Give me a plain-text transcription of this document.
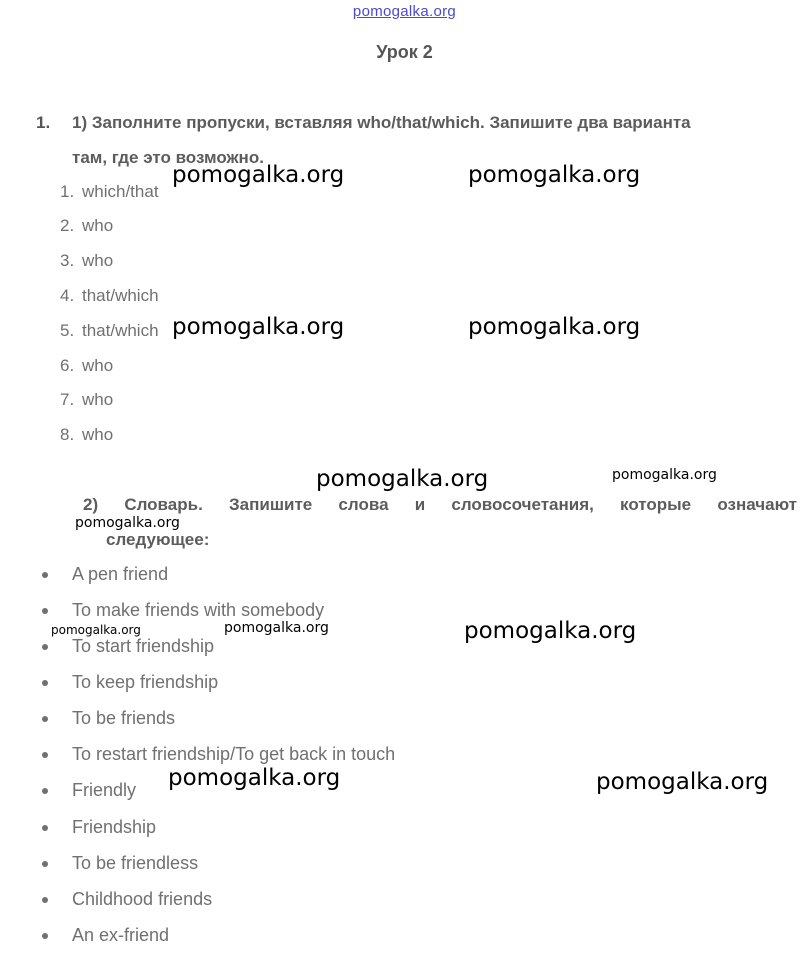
pomogalka.org
Урок 2
1. 1) Заполните пропуски, вставляя who/that/which. Запишите два варианта
там, где это возможно.
1. which/that
2. who
3. who
4. that/which
5. that/which
6. who
7. who
8. who
2) Словарь. Запишите слова и словосочетания, которые означают
следующее:
A pen friend
To make friends with somebody
To start friendship
To keep friendship
To be friends
To restart friendship/To get back in touch
Friendly
Friendship
To be friendless
Childhood friends
An ex-friend
pomogalka.org	pomogalka.org
pomogalka.org	pomogalka.org
pomogalka.org	pomogalka.org
pomogalka.org
pomogalka.org	pomogalka.org	pomogalka.org
pomogalka.org	pomogalka.org
